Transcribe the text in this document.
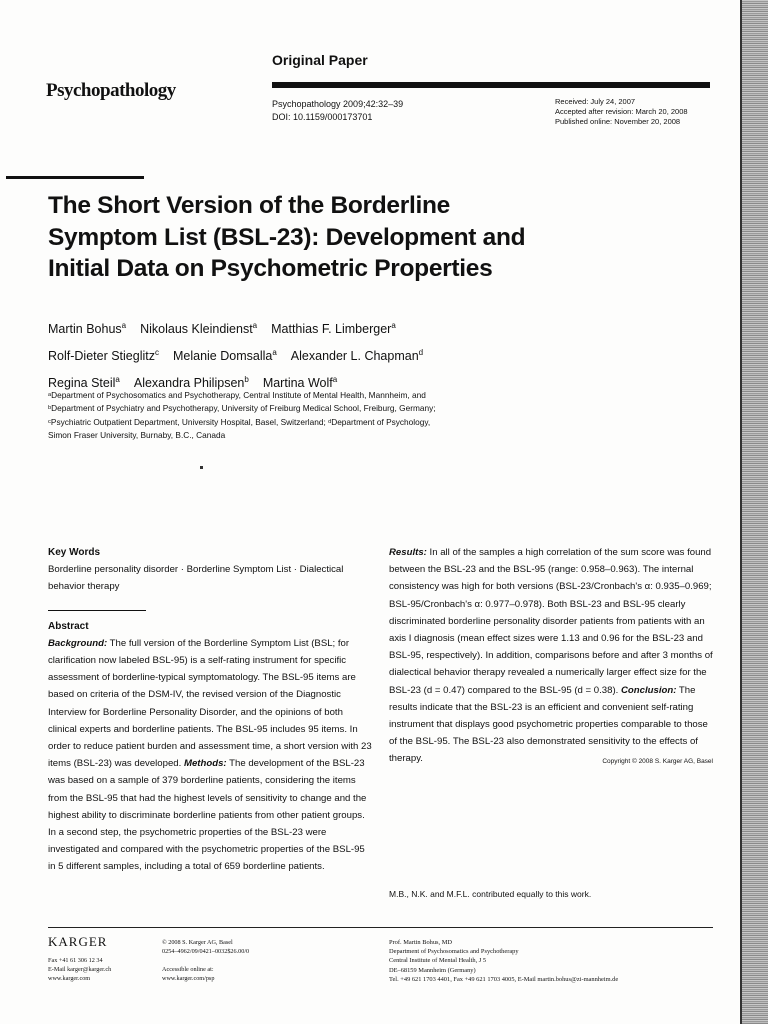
Psychopathology
Original Paper
Psychopathology 2009;42:32–39
DOI: 10.1159/000173701
Received: July 24, 2007
Accepted after revision: March 20, 2008
Published online: November 20, 2008
The Short Version of the Borderline
Symptom List (BSL-23): Development and
Initial Data on Psychometric Properties
Martin Bohus$^a$ Nikolaus Kleindienst$^a$ Matthias F. Limberger$^a$
Rolf-Dieter Stieglitz$^c$ Melanie Domsalla$^a$ Alexander L. Chapman$^d$
Regina Steil$^a$ Alexandra Philipsen$^b$ Martina Wolf$^a$
ᵃDepartment of Psychosomatics and Psychotherapy, Central Institute of Mental Health, Mannheim, and
ᵇDepartment of Psychiatry and Psychotherapy, University of Freiburg Medical School, Freiburg, Germany;
ᶜPsychiatric Outpatient Department, University Hospital, Basel, Switzerland; ᵈDepartment of Psychology,
Simon Fraser University, Burnaby, B.C., Canada
Key Words
Borderline personality disorder · Borderline Symptom List · Dialectical behavior therapy
Abstract
Background: The full version of the Borderline Symptom List (BSL; for clarification now labeled BSL-95) is a self-rating instrument for specific assessment of borderline-typical symptomatology. The BSL-95 items are based on criteria of the DSM-IV, the revised version of the Diagnostic Interview for Borderline Personality Disorder, and the opinions of both clinical experts and borderline patients. The BSL-95 includes 95 items. In order to reduce patient burden and assessment time, a short version with 23 items (BSL-23) was developed. Methods: The development of the BSL-23 was based on a sample of 379 borderline patients, considering the items from the BSL-95 that had the highest levels of sensitivity to change and the highest ability to discriminate borderline patients from other patient groups. In a second step, the psychometric properties of the BSL-23 were investigated and compared with the psychometric properties of the BSL-95 in 5 different samples, including a total of 659 borderline patients.
Results: In all of the samples a high correlation of the sum score was found between the BSL-23 and the BSL-95 (range: 0.958–0.963). The internal consistency was high for both versions (BSL-23/Cronbach's α: 0.935–0.969; BSL-95/Cronbach's α: 0.977–0.978). Both BSL-23 and BSL-95 clearly discriminated borderline personality disorder patients from patients with an axis I diagnosis (mean effect sizes were 1.13 and 0.96 for the BSL-23 and BSL-95, respectively). In addition, comparisons before and after 3 months of dialectical behavior therapy revealed a numerically larger effect size for the BSL-23 (d = 0.47) compared to the BSL-95 (d = 0.38). Conclusion: The results indicate that the BSL-23 is an efficient and convenient self-rating instrument that displays good psychometric properties comparable to those of the BSL-95. The BSL-23 also demonstrated sensitivity to the effects of therapy.	Copyright © 2008 S. Karger AG, Basel
M.B., N.K. and M.F.L. contributed equally to this work.
KARGER
Fax +41 61 306 12 34
E-Mail karger@karger.ch
www.karger.com
© 2008 S. Karger AG, Basel
0254–4962/09/0421–0032$26.00/0
Accessible online at:
www.karger.com/psp
Prof. Martin Bohus, MD
Department of Psychosomatics and Psychotherapy
Central Institute of Mental Health, J 5
DE–68159 Mannheim (Germany)
Tel. +49 621 1703 4401, Fax +49 621 1703 4005, E-Mail martin.bohus@zi-mannheim.de
